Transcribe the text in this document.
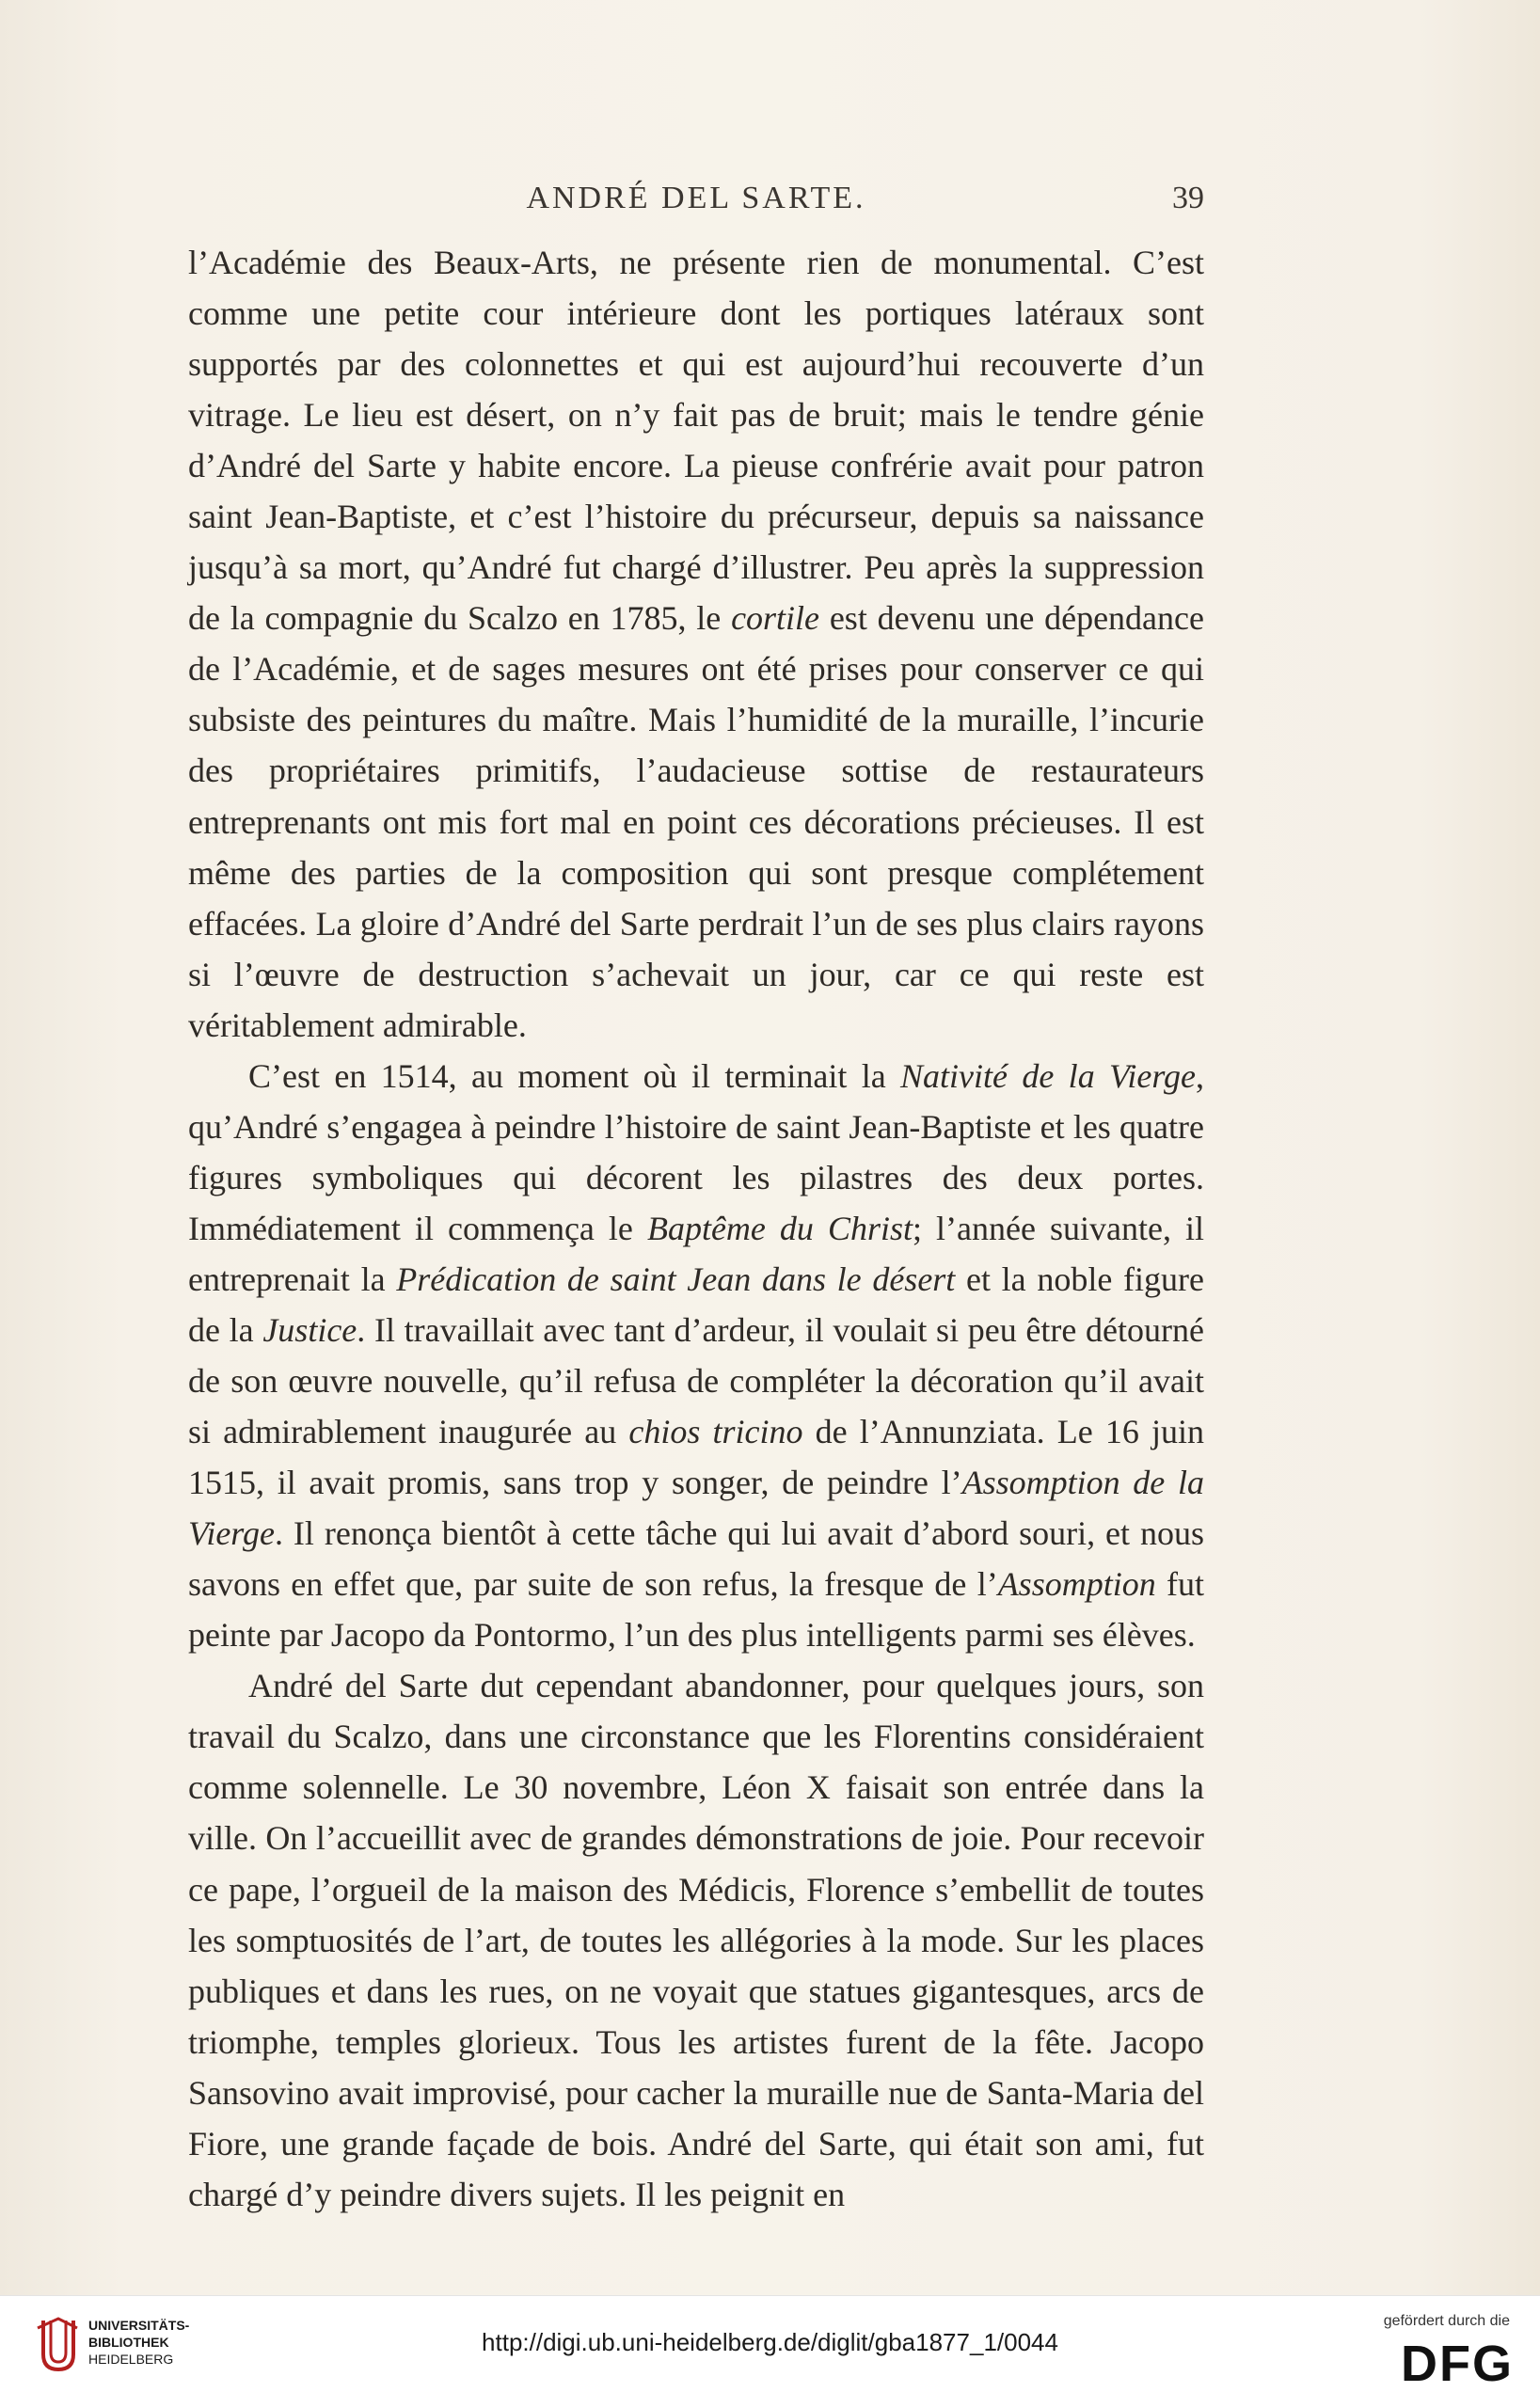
ANDRÉ DEL SARTE.	39

l’Académie des Beaux-Arts, ne présente rien de monumental. C’est comme une petite cour intérieure dont les portiques latéraux sont supportés par des colonnettes et qui est aujourd’hui recouverte d’un vitrage. Le lieu est désert, on n’y fait pas de bruit; mais le tendre génie d’André del Sarte y habite encore. La pieuse confrérie avait pour patron saint Jean-Baptiste, et c’est l’histoire du précurseur, depuis sa naissance jusqu’à sa mort, qu’André fut chargé d’illustrer. Peu après la suppression de la compagnie du Scalzo en 1785, le cortile est devenu une dépendance de l’Académie, et de sages mesures ont été prises pour conserver ce qui subsiste des peintures du maître. Mais l’humidité de la muraille, l’incurie des propriétaires primitifs, l’audacieuse sottise de restaurateurs entreprenants ont mis fort mal en point ces décorations précieuses. Il est même des parties de la composition qui sont presque complétement effacées. La gloire d’André del Sarte perdrait l’un de ses plus clairs rayons si l’œuvre de destruction s’achevait un jour, car ce qui reste est véritablement admirable.

C’est en 1514, au moment où il terminait la Nativité de la Vierge, qu’André s’engagea à peindre l’histoire de saint Jean-Baptiste et les quatre figures symboliques qui décorent les pilastres des deux portes. Immédiatement il commença le Baptême du Christ; l’année suivante, il entreprenait la Prédication de saint Jean dans le désert et la noble figure de la Justice. Il travaillait avec tant d’ardeur, il voulait si peu être détourné de son œuvre nouvelle, qu’il refusa de compléter la décoration qu’il avait si admirablement inaugurée au chios tricino de l’Annunziata. Le 16 juin 1515, il avait promis, sans trop y songer, de peindre l’Assomption de la Vierge. Il renonça bientôt à cette tâche qui lui avait d’abord souri, et nous savons en effet que, par suite de son refus, la fresque de l’Assomption fut peinte par Jacopo da Pontormo, l’un des plus intelligents parmi ses élèves.

André del Sarte dut cependant abandonner, pour quelques jours, son travail du Scalzo, dans une circonstance que les Florentins considéraient comme solennelle. Le 30 novembre, Léon X faisait son entrée dans la ville. On l’accueillit avec de grandes démonstrations de joie. Pour recevoir ce pape, l’orgueil de la maison des Médicis, Florence s’embellit de toutes les somptuosités de l’art, de toutes les allégories à la mode. Sur les places publiques et dans les rues, on ne voyait que statues gigantesques, arcs de triomphe, temples glorieux. Tous les artistes furent de la fête. Jacopo Sansovino avait improvisé, pour cacher la muraille nue de Santa-Maria del Fiore, une grande façade de bois. André del Sarte, qui était son ami, fut chargé d’y peindre divers sujets. Il les peignit en

UNIVERSITÄTS-
BIBLIOTHEK
HEIDELBERG
http://digi.ub.uni-heidelberg.de/diglit/gba1877_1/0044
gefördert durch die
DFG
